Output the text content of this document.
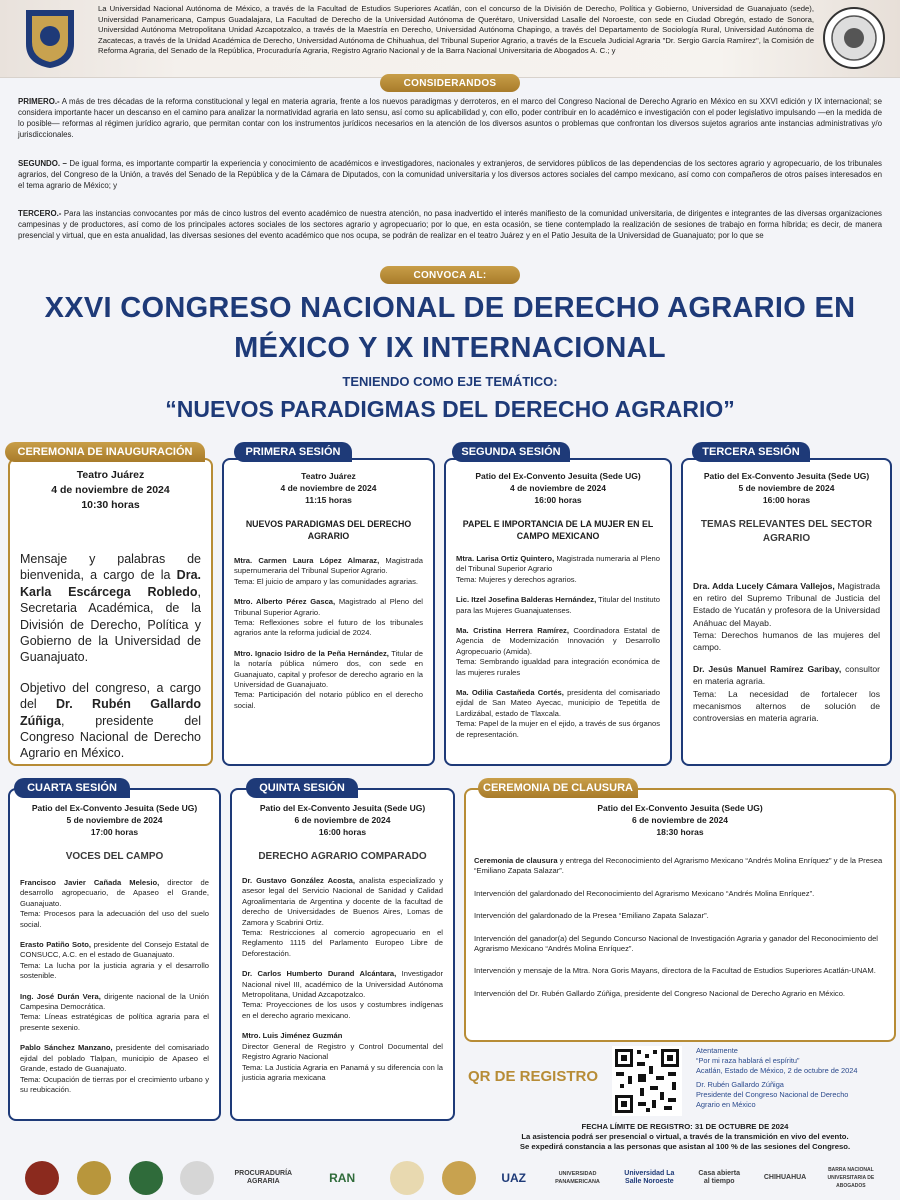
La Universidad Nacional Autónoma de México, a través de la Facultad de Estudios Superiores Acatlán, con el concurso de la División de Derecho, Política y Gobierno, Universidad de Guanajuato (sede), Universidad Panamericana, Campus Guadalajara, La Facultad de Derecho de la Universidad Autónoma de Querétaro, Universidad Lasalle del Noroeste, con sede en Ciudad Obregón, estado de Sonora, Universidad Autónoma Metropolitana Unidad Azcapotzalco, a través de la Maestría en Derecho, Universidad Autónoma Chapingo, a través del Departamento de Sociología Rural, Universidad Autónoma de Zacatecas, a través de la Unidad Académica de Derecho, Universidad Autónoma de Chihuahua, del Tribunal Superior Agrario, a través de la Escuela Judicial Agraria "Dr. Sergio García Ramírez", la Comisión de Reforma Agraria, del Senado de la República, Procuraduría Agraria, Registro Agrario Nacional y de la Barra Nacional Universitaria de Abogados A. C.; y
CONSIDERANDOS
PRIMERO.- A más de tres décadas de la reforma constitucional y legal en materia agraria, frente a los nuevos paradigmas y derroteros, en el marco del Congreso Nacional de Derecho Agrario en México en su XXVI edición y IX internacional; se considera importante hacer un descanso en el camino para analizar la normatividad agraria en lato sensu, así como su aplicabilidad y, con ello, poder contribuir en lo académico e investigación con el poder legislativo impulsando —en la medida de lo posible— reformas al régimen jurídico agrario, que permitan contar con los instrumentos jurídicos necesarios en la atención de los diversos asuntos o problemas que confrontan los diversos sujetos agrarios ante instancias administrativas y/o jurisdiccionales.
SEGUNDO. – De igual forma, es importante compartir la experiencia y conocimiento de académicos e investigadores, nacionales y extranjeros, de servidores públicos de las dependencias de los sectores agrario y agropecuario, de los tribunales agrarios, del Congreso de la Unión, a través del Senado de la República y de la Cámara de Diputados, con la comunidad universitaria y los diversos actores sociales del campo mexicano, así como con compañeros de otros países interesados en el tema agrario de México; y
TERCERO.- Para las instancias convocantes por más de cinco lustros del evento académico de nuestra atención, no pasa inadvertido el interés manifiesto de la comunidad universitaria, de dirigentes e integrantes de las diversas organizaciones campesinas y de productores, así como de los principales actores sociales de los sectores agrario y agropecuario; por lo que, en esta ocasión, se tiene contemplado la realización de sesiones de trabajo en forma híbrida; es decir, de manera presencial y virtual, que en esta anualidad, las diversas sesiones del evento académico que nos ocupa, se podrán de realizar en el teatro Juárez y en el Patio Jesuita de la Universidad de Guanajuato; por lo que se
CONVOCA AL:
XXVI CONGRESO NACIONAL DE DERECHO AGRARIO EN
MÉXICO Y IX INTERNACIONAL
TENIENDO COMO EJE TEMÁTICO:
“NUEVOS PARADIGMAS DEL DERECHO AGRARIO”
CEREMONIA DE INAUGURACIÓN
Teatro Juárez
4 de noviembre de 2024
10:30 horas
Mensaje y palabras de bienvenida, a cargo de la Dra. Karla Escárcega Robledo, Secretaria Académica, de la División de Derecho, Política y Gobierno de la Universidad de Guanajuato.
Objetivo del congreso, a cargo del Dr. Rubén Gallardo Zúñiga, presidente del Congreso Nacional de Derecho Agrario en México.
PRIMERA SESIÓN
Teatro Juárez
4 de noviembre de 2024
11:15 horas
NUEVOS PARADIGMAS DEL DERECHO AGRARIO
Mtra. Carmen Laura López Almaraz, Magistrada supernumeraria del Tribunal Superior Agrario.
Tema: El juicio de amparo y las comunidades agrarias.
Mtro. Alberto Pérez Gasca, Magistrado al Pleno del Tribunal Superior Agrario.
Tema: Reflexiones sobre el futuro de los tribunales agrarios ante la reforma judicial de 2024.
Mtro. Ignacio Isidro de la Peña Hernández, Titular de la notaría pública número dos, con sede en Guanajuato, capital y profesor de derecho agrario en la Universidad de Guanajuato.
Tema: Participación del notario público en el derecho social.
SEGUNDA SESIÓN
Patio del Ex-Convento Jesuita (Sede UG)
4 de noviembre de 2024
16:00 horas
PAPEL E IMPORTANCIA DE LA MUJER EN EL CAMPO MEXICANO
Mtra. Larisa Ortiz Quintero, Magistrada numeraria al Pleno del Tribunal Superior Agrario
Tema: Mujeres y derechos agrarios.
Lic. Itzel Josefina Balderas Hernández, Titular del Instituto para las Mujeres Guanajuatenses.
Ma. Cristina Herrera Ramírez, Coordinadora Estatal de Agencia de Modernización Innovación y Desarrollo Agropecuario (Amida).
Tema: Sembrando igualdad para integración económica de las mujeres rurales
Ma. Odilia Castañeda Cortés, presidenta del comisariado ejidal de San Mateo Ayecac, municipio de Tepetitla de Lardizábal, estado de Tlaxcala.
Tema: Papel de la mujer en el ejido, a través de sus órganos de representación.
TERCERA SESIÓN
Patio del Ex-Convento Jesuita (Sede UG)
5 de noviembre de 2024
16:00 horas
TEMAS RELEVANTES DEL SECTOR AGRARIO
Dra. Adda Lucely Cámara Vallejos, Magistrada en retiro del Supremo Tribunal de Justicia del Estado de Yucatán y profesora de la Universidad Anáhuac del Mayab.
Tema: Derechos humanos de las mujeres del campo.
Dr. Jesús Manuel Ramírez Garibay, consultor en materia agraria.
Tema: La necesidad de fortalecer los mecanismos alternos de solución de controversias en materia agraria.
CUARTA SESIÓN
Patio del Ex-Convento Jesuita (Sede UG)
5 de noviembre de 2024
17:00 horas
VOCES DEL CAMPO
Francisco Javier Cañada Melesio, director de desarrollo agropecuario, de Apaseo el Grande, Guanajuato.
Tema: Procesos para la adecuación del uso del suelo social.
Erasto Patiño Soto, presidente del Consejo Estatal de CONSUCC, A.C. en el estado de Guanajuato.
Tema: La lucha por la justicia agraria y el desarrollo sostenible.
Ing. José Durán Vera, dirigente nacional de la Unión Campesina Democrática.
Tema: Líneas estratégicas de política agraria para el presente sexenio.
Pablo Sánchez Manzano, presidente del comisariado ejidal del poblado Tlalpan, municipio de Apaseo el Grande, estado de Guanajuato.
Tema: Ocupación de tierras por el crecimiento urbano y su reubicación.
QUINTA SESIÓN
Patio del Ex-Convento Jesuita (Sede UG)
6 de noviembre de 2024
16:00 horas
DERECHO AGRARIO COMPARADO
Dr. Gustavo González Acosta, analista especializado y asesor legal del Servicio Nacional de Sanidad y Calidad Agroalimentaria de Argentina y docente de la facultad de derecho de Universidades de Buenos Aires, Lomas de Zamora y Scabrini Ortiz.
Tema: Restricciones al comercio agropecuario en el Reglamento 1115 del Parlamento Europeo Libre de Deforestación.
Dr. Carlos Humberto Durand Alcántara, Investigador Nacional nivel III, académico de la Universidad Autónoma Metropolitana, Unidad Azcapotzalco.
Tema: Proyecciones de los usos y costumbres indígenas en el derecho agrario mexicano.
Mtro. Luis Jiménez Guzmán
Director General de Registro y Control Documental del Registro Agrario Nacional
Tema: La Justicia Agraria en Panamá y su diferencia con la justicia agraria mexicana
CEREMONIA DE CLAUSURA
Patio del Ex-Convento Jesuita (Sede UG)
6 de noviembre de 2024
18:30 horas
Ceremonia de clausura y entrega del Reconocimiento del Agrarismo Mexicano “Andrés Molina Enríquez” y de la Presea “Emiliano Zapata Salazar”.
Intervención del galardonado del Reconocimiento del Agrarismo Mexicano “Andrés Molina Enríquez”.
Intervención del galardonado de la Presea “Emiliano Zapata Salazar”.
Intervención del ganador(a) del Segundo Concurso Nacional de Investigación Agraria y ganador del Reconocimiento del Agrarismo Mexicano “Andrés Molina Enríquez”.
Intervención y mensaje de la Mtra. Nora Goris Mayans, directora de la Facultad de Estudios Superiores Acatlán-UNAM.
Intervención del Dr. Rubén Gallardo Zúñiga, presidente del Congreso Nacional de Derecho Agrario en México.
QR DE REGISTRO
Atentamente
“Por mi raza hablará el espíritu”
Acatlán, Estado de México, 2 de octubre de 2024
Dr. Rubén Gallardo Zúñiga
Presidente del Congreso Nacional de Derecho
Agrario en México
FECHA LÍMITE DE REGISTRO: 31 DE OCTUBRE DE 2024
La asistencia podrá ser presencial o virtual, a través de la transmición en vivo del evento.
Se expedirá constancia a las personas que asistan al 100 % de las sesiones del Congreso.
PROCURADURÍA AGRARIA	RAN	UAZ	UNIVERSIDAD PANAMERICANA
Universidad La Salle Noroeste
Casa abierta al tiempo
CHIHUAHUA
BARRA NACIONAL UNIVERSITARIA DE ABOGADOS
